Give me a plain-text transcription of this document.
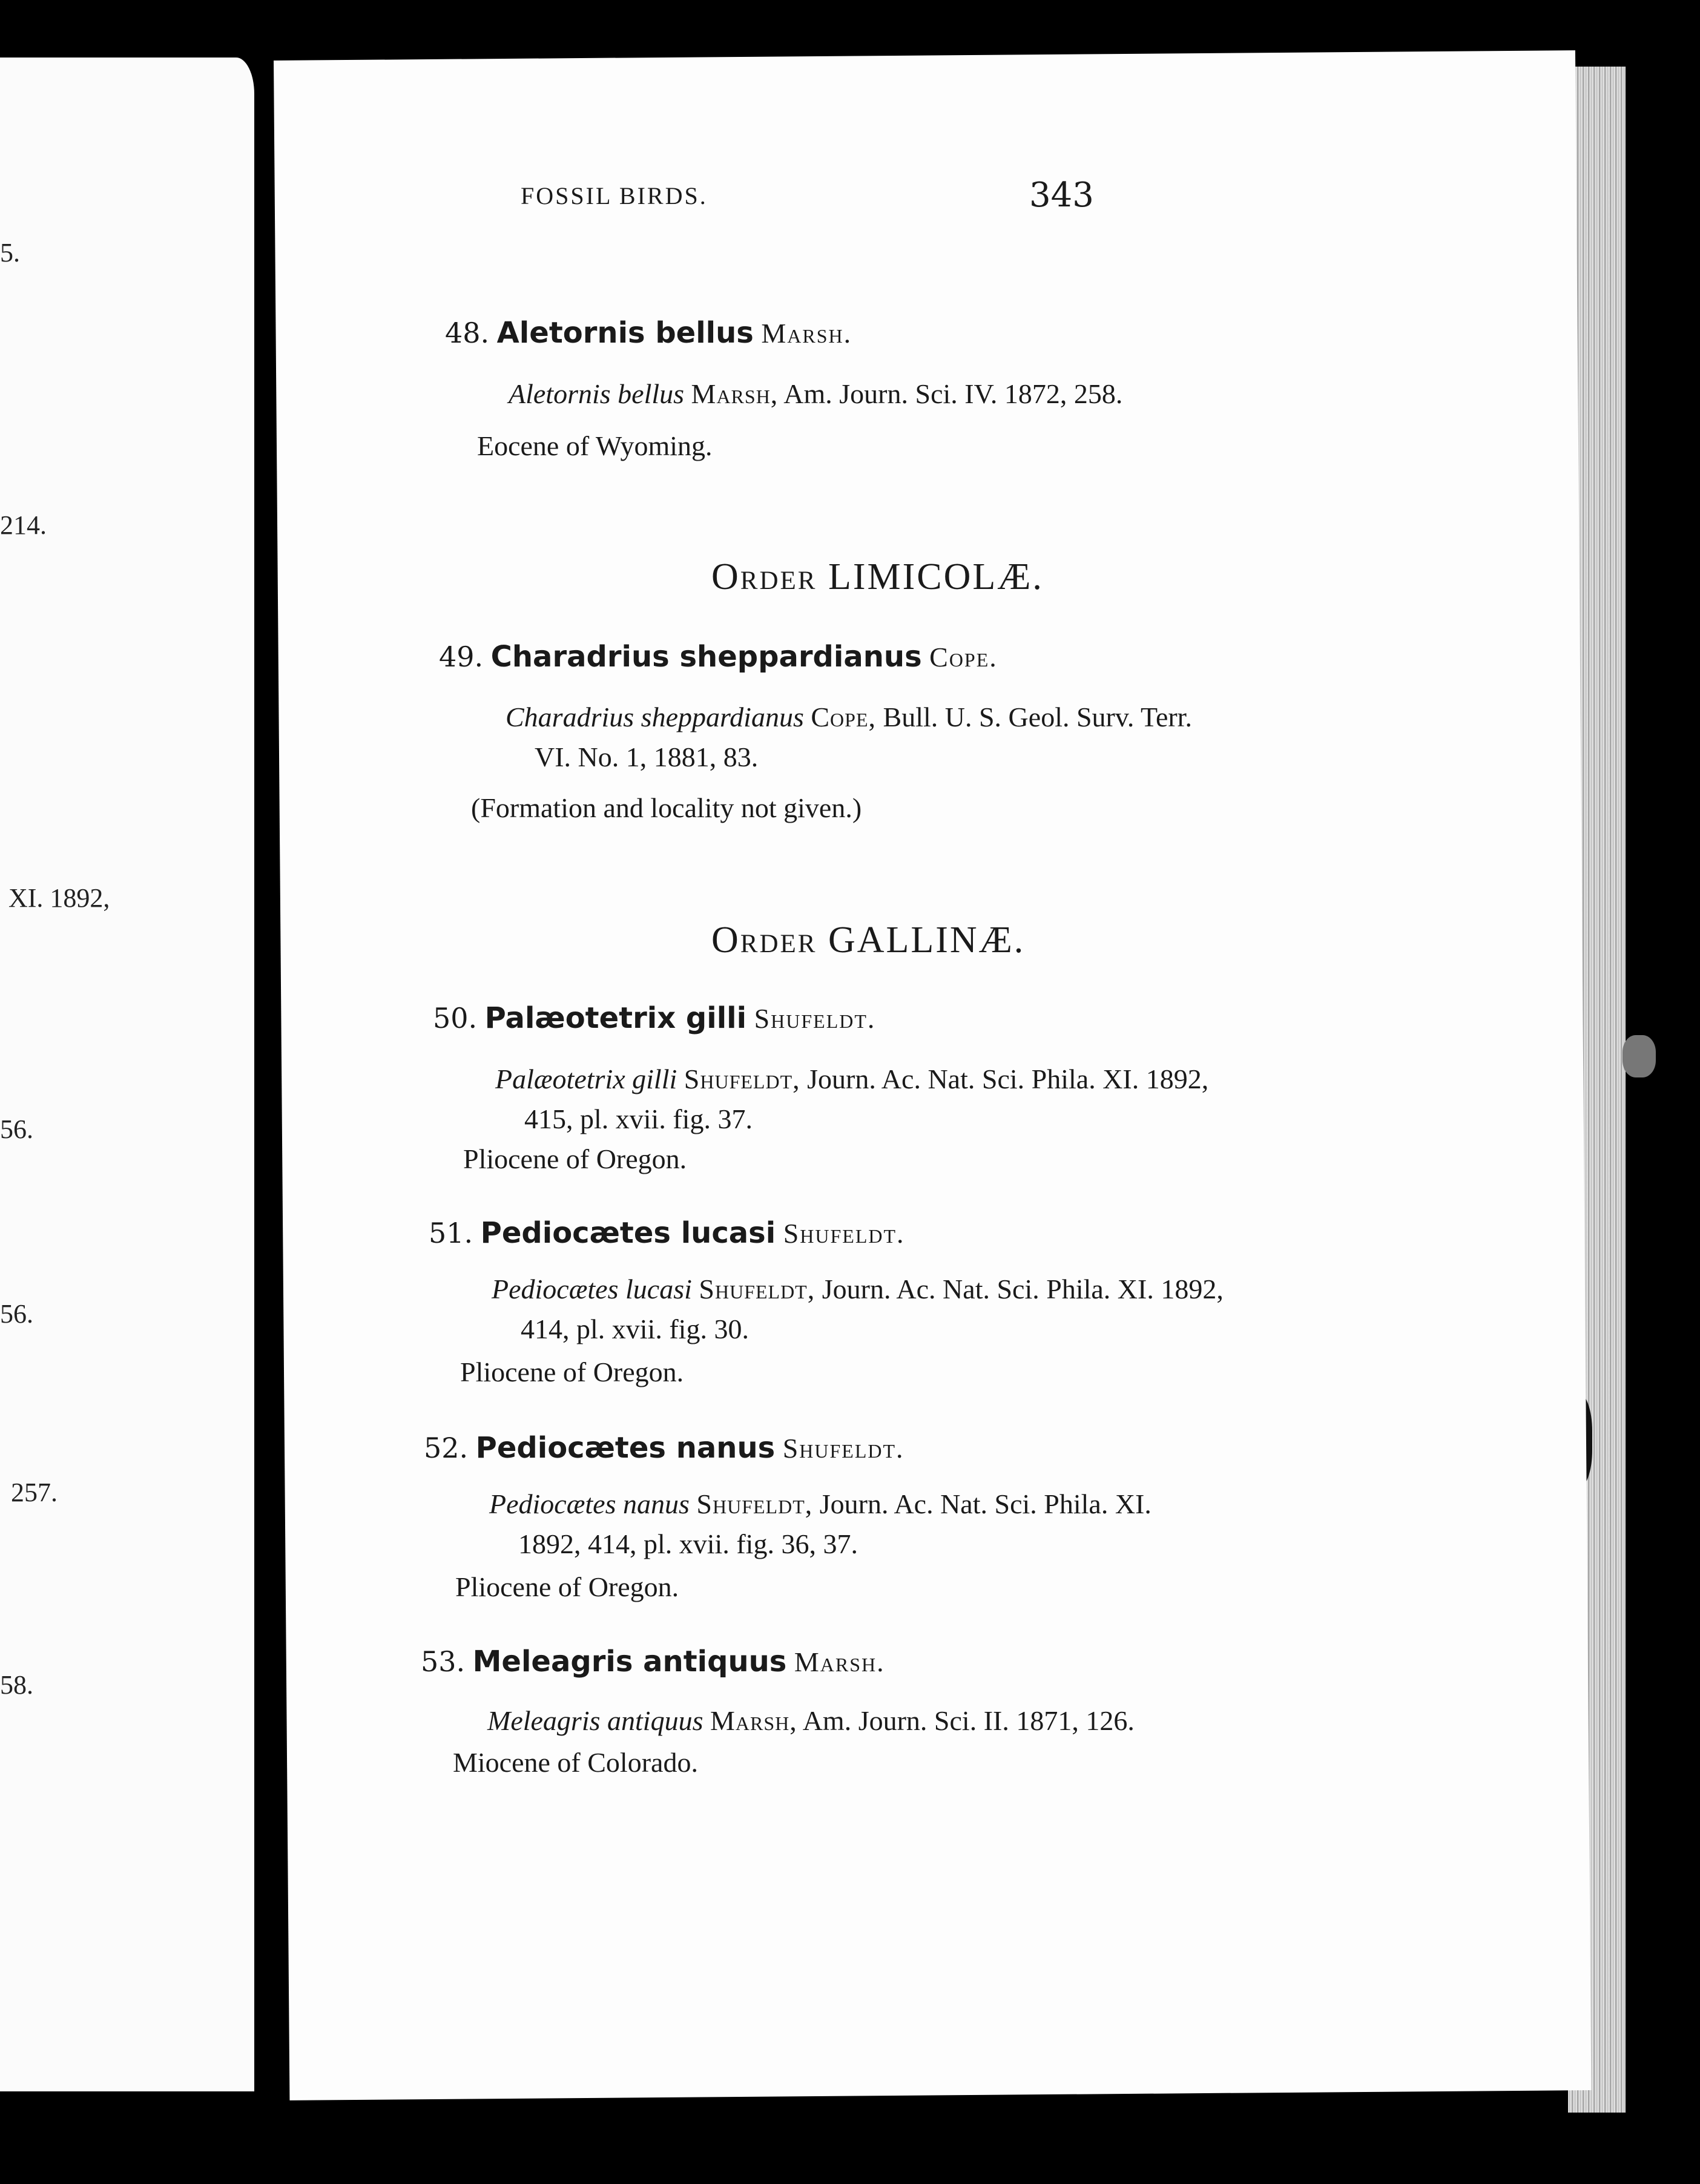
5.
214.
XI. 1892,
56.
56.
257.
58.
FOSSIL BIRDS.	343
48. Aletornis bellus Marsh.
Aletornis bellus Marsh, Am. Journ. Sci. IV. 1872, 258.
Eocene of Wyoming.
Order LIMICOLÆ.
49. Charadrius sheppardianus Cope.
Charadrius sheppardianus Cope, Bull. U. S. Geol. Surv. Terr.
VI. No. 1, 1881, 83.
(Formation and locality not given.)
Order GALLINÆ.
50. Palæotetrix gilli Shufeldt.
Palæotetrix gilli Shufeldt, Journ. Ac. Nat. Sci. Phila. XI. 1892,
415, pl. xvii. fig. 37.
Pliocene of Oregon.
51. Pediocætes lucasi Shufeldt.
Pediocætes lucasi Shufeldt, Journ. Ac. Nat. Sci. Phila. XI. 1892,
414, pl. xvii. fig. 30.
Pliocene of Oregon.
52. Pediocætes nanus Shufeldt.
Pediocætes nanus Shufeldt, Journ. Ac. Nat. Sci. Phila. XI.
1892, 414, pl. xvii. fig. 36, 37.
Pliocene of Oregon.
53. Meleagris antiquus Marsh.
Meleagris antiquus Marsh, Am. Journ. Sci. II. 1871, 126.
Miocene of Colorado.
